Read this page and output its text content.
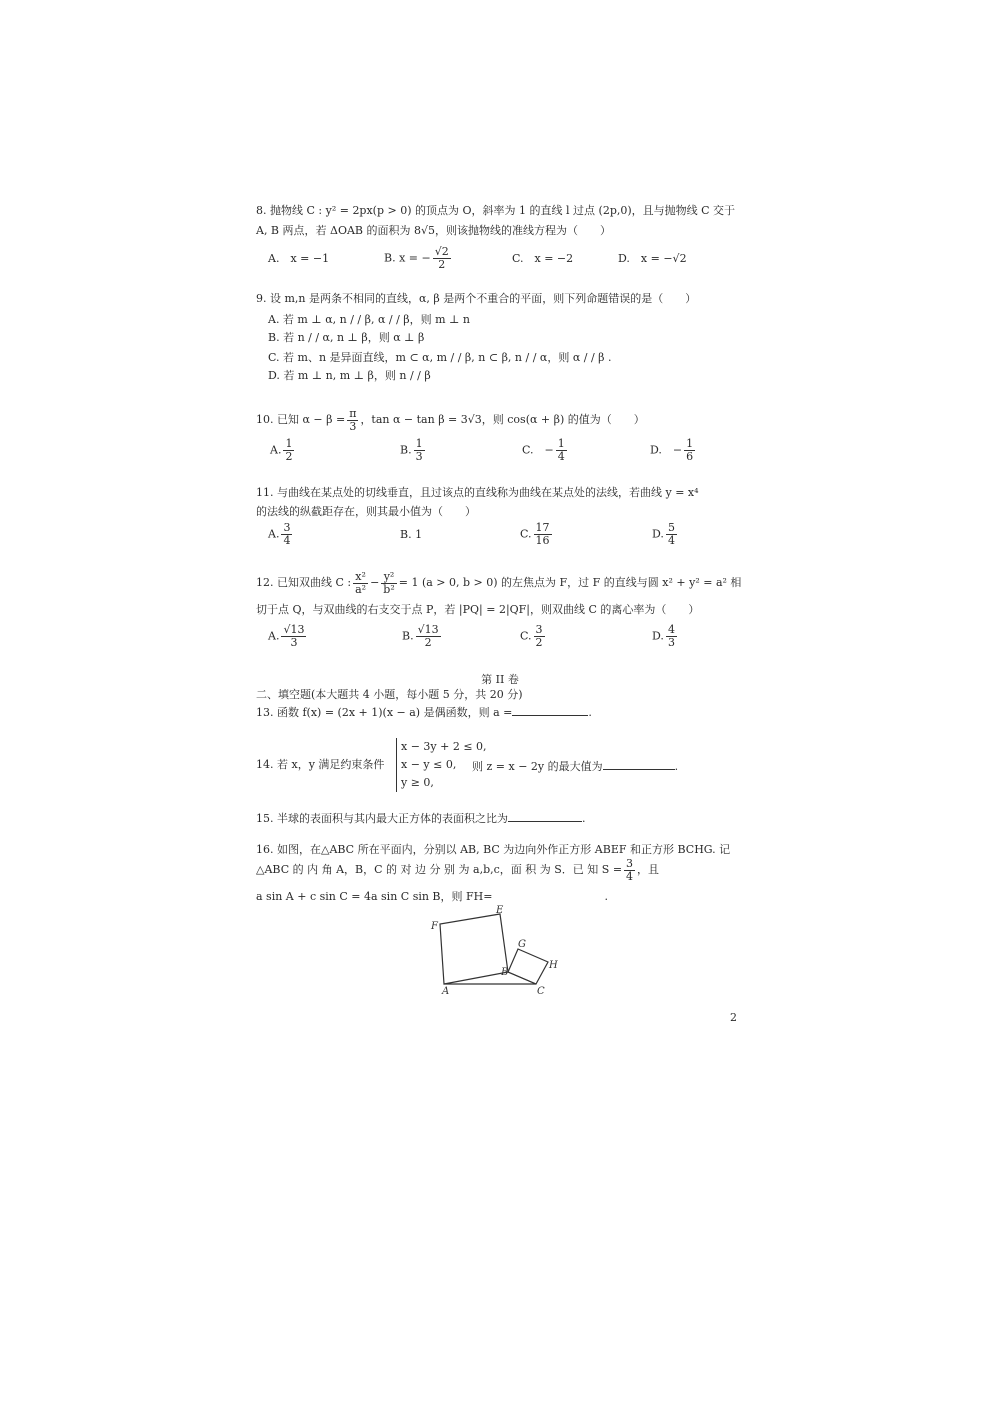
8. 抛物线 C : y² = 2px(p > 0) 的顶点为 O，斜率为 1 的直线 l 过点 (2p,0)，且与抛物线 C 交于
A, B 两点，若 ΔOAB 的面积为 8√5，则该抛物线的准线方程为（　　）
A.　x = −1	B. x = − $\frac{√2}{2}$	C.　x = −2	D.　x = −√2
9. 设 m,n 是两条不相同的直线，α, β 是两个不重合的平面，则下列命题错误的是（　　）
A. 若 m ⊥ α, n / / β, α / / β，则 m ⊥ n
B. 若 n / / α, n ⊥ β，则 α ⊥ β
C. 若 m、n 是异面直线，m ⊂ α, m / / β, n ⊂ β, n / / α，则 α / / β .
D. 若 m ⊥ n, m ⊥ β，则 n / / β
10. 已知 $\alpha - \beta = \frac{\pi}{3}$ ，tan α − tan β = 3√3，则 cos(α + β) 的值为（　　）
A. $\frac{1}{2}$	B. $\frac{1}{3}$	C.　− $\frac{1}{4}$	D.　− $\frac{1}{6}$
11. 与曲线在某点处的切线垂直，且过该点的直线称为曲线在某点处的法线，若曲线 y = x⁴
的法线的纵截距存在，则其最小值为（　　）
A. $\frac{3}{4}$	B. 1	C. $\frac{17}{16}$	D. $\frac{5}{4}$
12. 已知双曲线 C : $\frac{\text{x²}}{\text{a²}} - \frac{\text{y²}}{\text{b²}} = 1$ (a > 0, b > 0) 的左焦点为 F，过 F 的直线与圆 x² + y² = a² 相
切于点 Q，与双曲线的右支交于点 P，若 |PQ| = 2|QF|，则双曲线 C 的离心率为（　　）
A. $\frac{√13}{3}$	B. $\frac{√13}{2}$	C. $\frac{3}{2}$	D. $\frac{4}{3}$
第 II 卷
二、填空题(本大题共 4 小题，每小题 5 分，共 20 分)
13. 函数 f(x) = (2x + 1)(x − a) 是偶函数，则 a =	.
14. 若 x，y 满足约束条件
x − 3y + 2 ≤ 0,
x − y ≤ 0,
y ≥ 0,
则 z = x − 2y 的最大值为	.
15. 半球的表面积与其内最大正方体的表面积之比为	.
16. 如图，在△ABC 所在平面内，分别以 AB, BC 为边向外作正方形 ABEF 和正方形 BCHG. 记
△ABC 的 内 角 A，B，C 的 对 边 分 别 为 a,b,c，面 积 为 S．已 知 $S = \frac{3}{4}$ ，且
a sin A + c sin C = 4a sin C sin B，则 FH=	.
E
F
G
H
B
A	C
2
